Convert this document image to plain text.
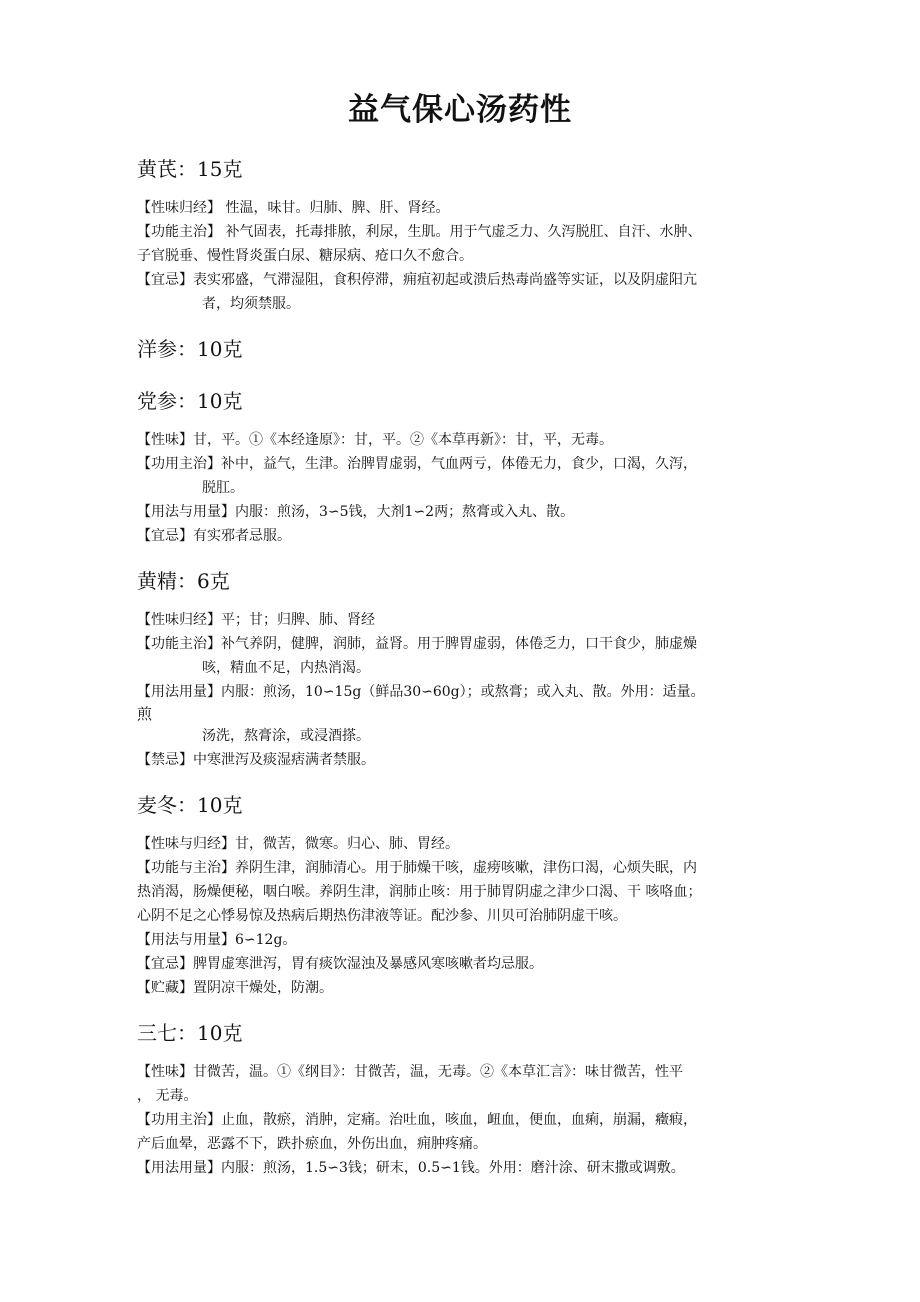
益气保心汤药性
黄芪：15克
【性味归经】 性温，味甘。归肺、脾、肝、肾经。
【功能主治】 补气固表，托毒排脓，利尿，生肌。用于气虚乏力、久泻脱肛、自汗、水肿、
子官脱垂、慢性肾炎蛋白尿、糖尿病、疮口久不愈合。
【宜忌】表实邪盛，气滞湿阻，食积停滞，痈疽初起或溃后热毒尚盛等实证，以及阴虚阳亢
者，均须禁服。
洋参：10克
党参：10克
【性味】甘，平。①《本经逢原》：甘，平。②《本草再新》：甘，平，无毒。
【功用主治】补中，益气，生津。治脾胃虚弱，气血两亏，体倦无力，食少，口渴，久泻，
脱肛。
【用法与用量】内服：煎汤，3∽5钱，大剂1∽2两；熬膏或入丸、散。
【宜忌】有实邪者忌服。
黄精：6克
【性味归经】平；甘；归脾、肺、肾经
【功能主治】补气养阴，健脾，润肺，益肾。用于脾胃虚弱，体倦乏力，口干食少，肺虚燥
咳，精血不足，内热消渴。
【用法用量】内服：煎汤，10∽15g（鲜品30∽60g）；或熬膏；或入丸、散。外用：适量。
煎
汤洗，熬膏涂，或浸酒搽。
【禁忌】中寒泄泻及痰湿痞满者禁服。
麦冬：10克
【性味与归经】甘，微苦，微寒。归心、肺、胃经。
【功能与主治】养阴生津，润肺清心。用于肺燥干咳，虚痨咳嗽，津伤口渴，心烦失眠，内
热消渴，肠燥便秘，咽白喉。养阴生津，润肺止咳：用于肺胃阴虚之津少口渴、干 咳咯血；
心阴不足之心悸易惊及热病后期热伤津液等证。配沙参、川贝可治肺阴虚干咳。
【用法与用量】6∽12g。
【宜忌】脾胃虚寒泄泻，胃有痰饮湿浊及暴感风寒咳嗽者均忌服。
【贮藏】置阴凉干燥处，防潮。
三七：10克
【性味】甘微苦，温。①《纲目》：甘微苦，温，无毒。②《本草汇言》：味甘微苦，性平
， 无毒。
【功用主治】止血，散瘀，消肿，定痛。治吐血，咳血，衄血，便血，血痢，崩漏，癥瘕，
产后血晕，恶露不下，跌扑瘀血，外伤出血，痈肿疼痛。
【用法用量】内服：煎汤，1.5∽3钱；研末，0.5∽1钱。外用：磨汁涂、研末撒或调敷。
